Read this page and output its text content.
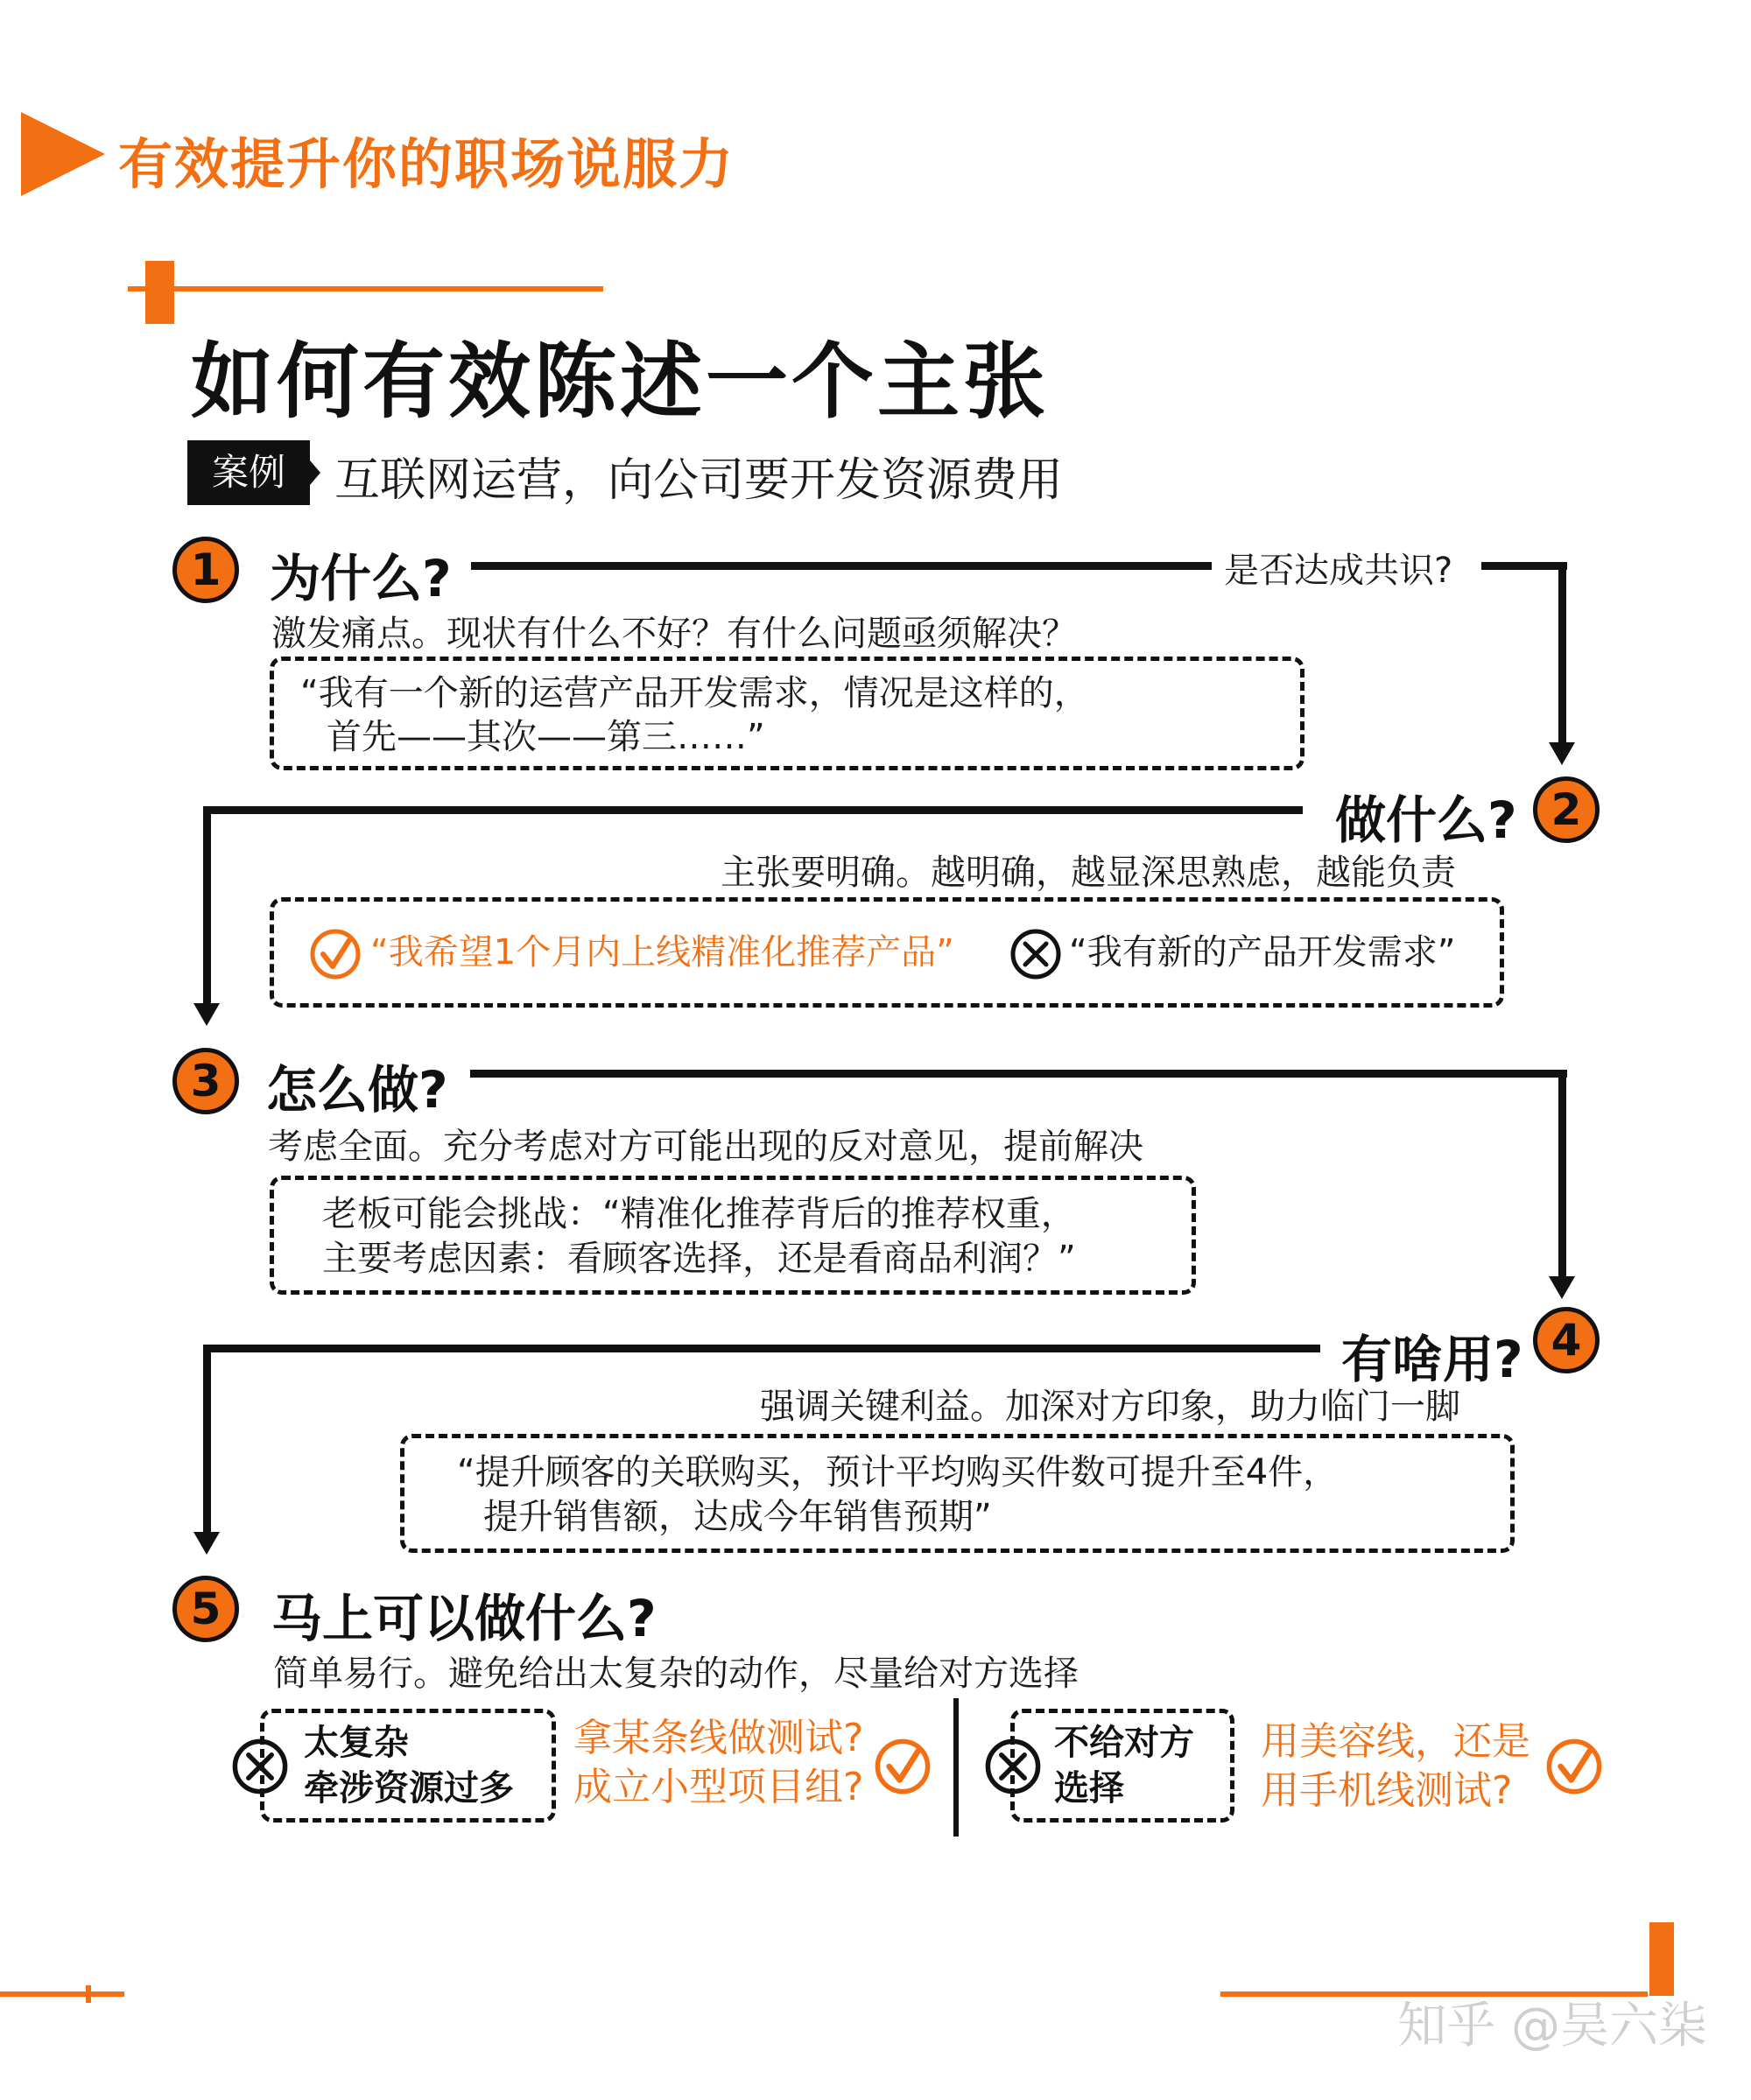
有效提升你的职场说服力
如何有效陈述一个主张
案例	互联网运营，向公司要开发资源费用
1 为什么?	是否达成共识?
激发痛点。现状有什么不好？有什么问题亟须解决？
“我有一个新的运营产品开发需求，情况是这样的，
首先——其次——第三……”
2
做什么?
主张要明确。越明确，越显深思熟虑，越能负责
“我希望1个月内上线精准化推荐产品”	“我有新的产品开发需求”
3 怎么做?
考虑全面。充分考虑对方可能出现的反对意见，提前解决
老板可能会挑战：“精准化推荐背后的推荐权重，
主要考虑因素：看顾客选择，还是看商品利润？”
4
有啥用?
强调关键利益。加深对方印象，助力临门一脚
“提升顾客的关联购买，预计平均购买件数可提升至4件，
提升销售额，达成今年销售预期”
5 马上可以做什么?
简单易行。避免给出太复杂的动作，尽量给对方选择
太复杂
牵涉资源过多
拿某条线做测试?
成立小型项目组?
不给对方
选择
用美容线，还是
用手机线测试?
知乎 @吴六柒
